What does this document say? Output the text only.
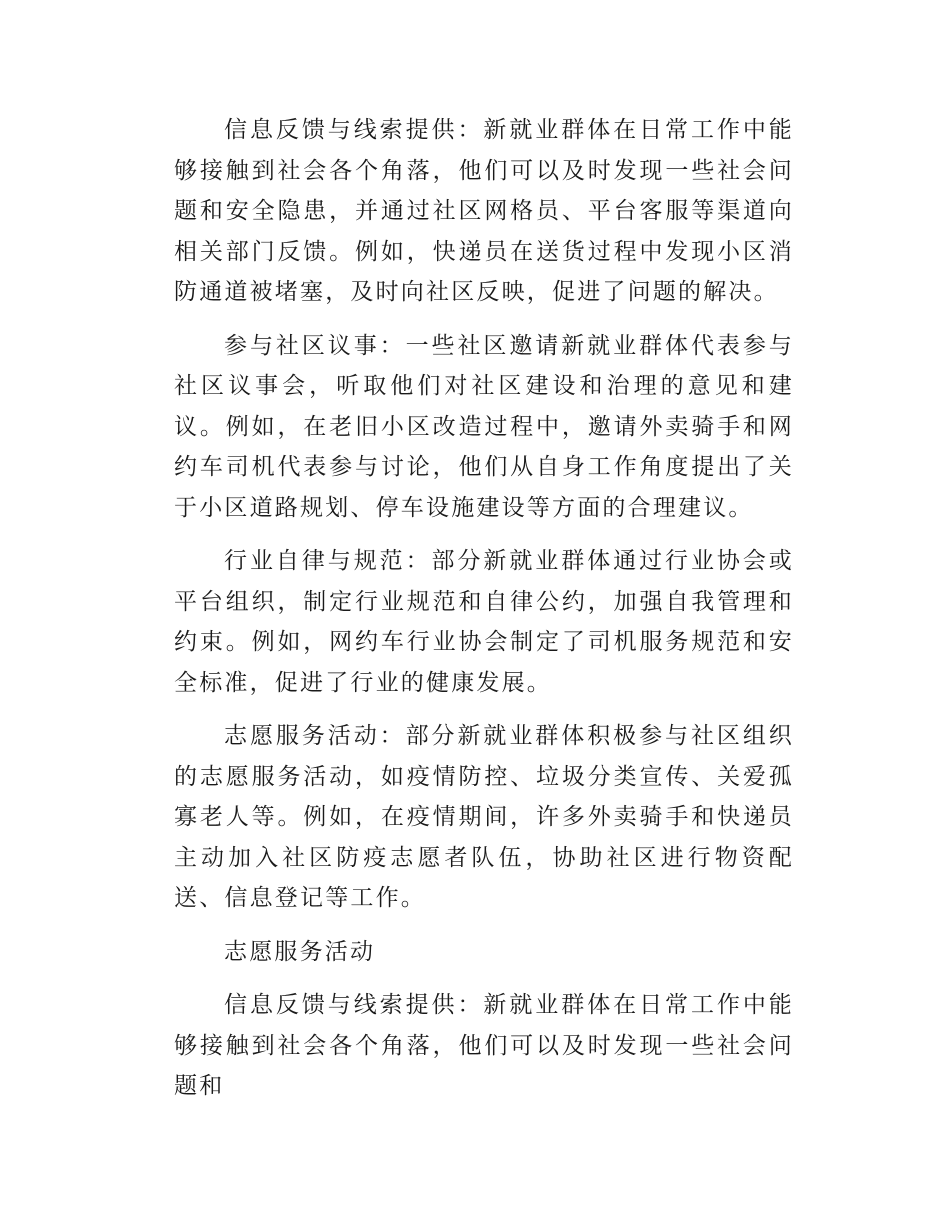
信息反馈与线索提供：新就业群体在日常工作中能够接触到社会各个角落，他们可以及时发现一些社会问题和安全隐患，并通过社区网格员、平台客服等渠道向相关部门反馈。例如，快递员在送货过程中发现小区消防通道被堵塞，及时向社区反映，促进了问题的解决。

参与社区议事：一些社区邀请新就业群体代表参与社区议事会，听取他们对社区建设和治理的意见和建议。例如，在老旧小区改造过程中，邀请外卖骑手和网约车司机代表参与讨论，他们从自身工作角度提出了关于小区道路规划、停车设施建设等方面的合理建议。

行业自律与规范：部分新就业群体通过行业协会或平台组织，制定行业规范和自律公约，加强自我管理和约束。例如，网约车行业协会制定了司机服务规范和安全标准，促进了行业的健康发展。

志愿服务活动：部分新就业群体积极参与社区组织的志愿服务活动，如疫情防控、垃圾分类宣传、关爱孤寡老人等。例如，在疫情期间，许多外卖骑手和快递员主动加入社区防疫志愿者队伍，协助社区进行物资配送、信息登记等工作。

志愿服务活动

信息反馈与线索提供：新就业群体在日常工作中能够接触到社会各个角落，他们可以及时发现一些社会问题和
